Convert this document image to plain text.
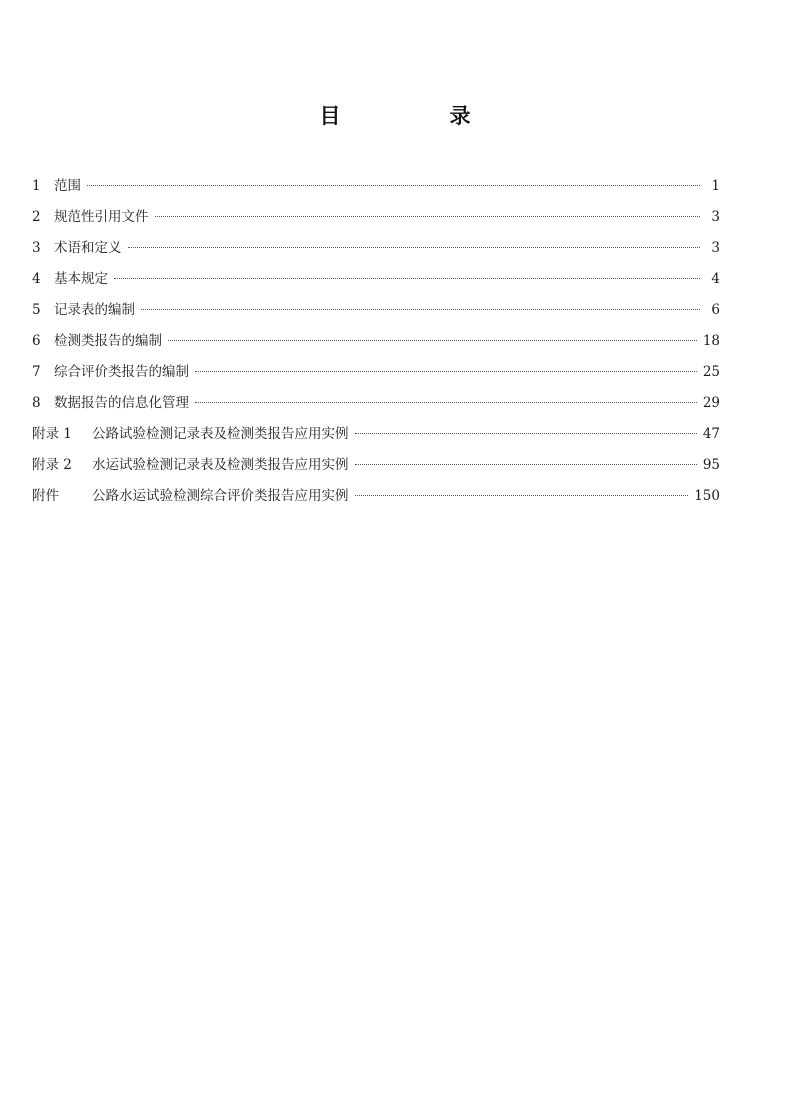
目　录
1 范围	1
2 规范性引用文件	3
3 术语和定义	3
4 基本规定	4
5 记录表的编制	6
6 检测类报告的编制	18
7 综合评价类报告的编制	25
8 数据报告的信息化管理	29
附录 1	公路试验检测记录表及检测类报告应用实例	47
附录 2	水运试验检测记录表及检测类报告应用实例	95
附件	公路水运试验检测综合评价类报告应用实例	150
